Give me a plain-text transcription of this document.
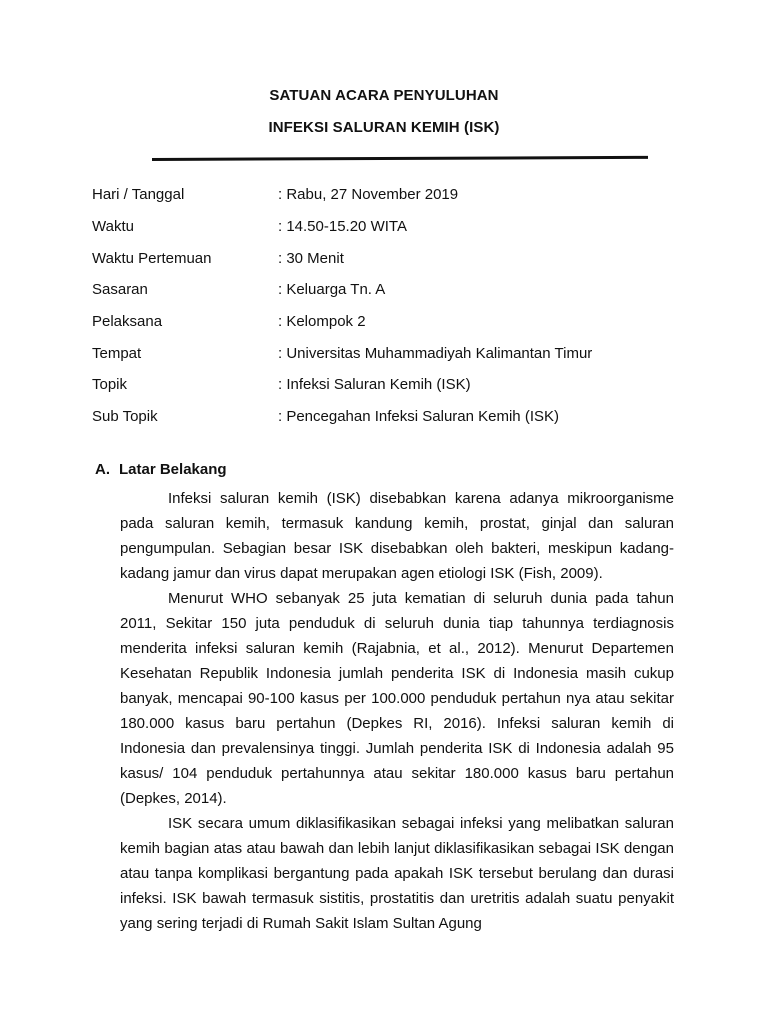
SATUAN ACARA PENYULUHAN
INFEKSI SALURAN KEMIH (ISK)
Hari / Tanggal	: Rabu, 27 November 2019
Waktu	: 14.50-15.20 WITA
Waktu Pertemuan	: 30 Menit
Sasaran	: Keluarga Tn. A
Pelaksana	: Kelompok 2
Tempat	: Universitas Muhammadiyah Kalimantan Timur
Topik	: Infeksi Saluran Kemih (ISK)
Sub Topik	: Pencegahan Infeksi Saluran Kemih (ISK)
A. Latar Belakang

Infeksi saluran kemih (ISK) disebabkan karena adanya mikroorganisme pada saluran kemih, termasuk kandung kemih, prostat, ginjal dan saluran pengumpulan. Sebagian besar ISK disebabkan oleh bakteri, meskipun kadang-kadang jamur dan virus dapat merupakan agen etiologi ISK (Fish, 2009).

Menurut WHO sebanyak 25 juta kematian di seluruh dunia pada tahun 2011, Sekitar 150 juta penduduk di seluruh dunia tiap tahunnya terdiagnosis menderita infeksi saluran kemih (Rajabnia, et al., 2012). Menurut Departemen Kesehatan Republik Indonesia jumlah penderita ISK di Indonesia masih cukup banyak, mencapai 90-100 kasus per 100.000 penduduk pertahun nya atau sekitar 180.000 kasus baru pertahun (Depkes RI, 2016). Infeksi saluran kemih di Indonesia dan prevalensinya tinggi. Jumlah penderita ISK di Indonesia adalah 95 kasus/ 104 penduduk pertahunnya atau sekitar 180.000 kasus baru pertahun (Depkes, 2014).

ISK secara umum diklasifikasikan sebagai infeksi yang melibatkan saluran kemih bagian atas atau bawah dan lebih lanjut diklasifikasikan sebagai ISK dengan atau tanpa komplikasi bergantung pada apakah ISK tersebut berulang dan durasi infeksi. ISK bawah termasuk sistitis, prostatitis dan uretritis adalah suatu penyakit yang sering terjadi di Rumah Sakit Islam Sultan Agung
